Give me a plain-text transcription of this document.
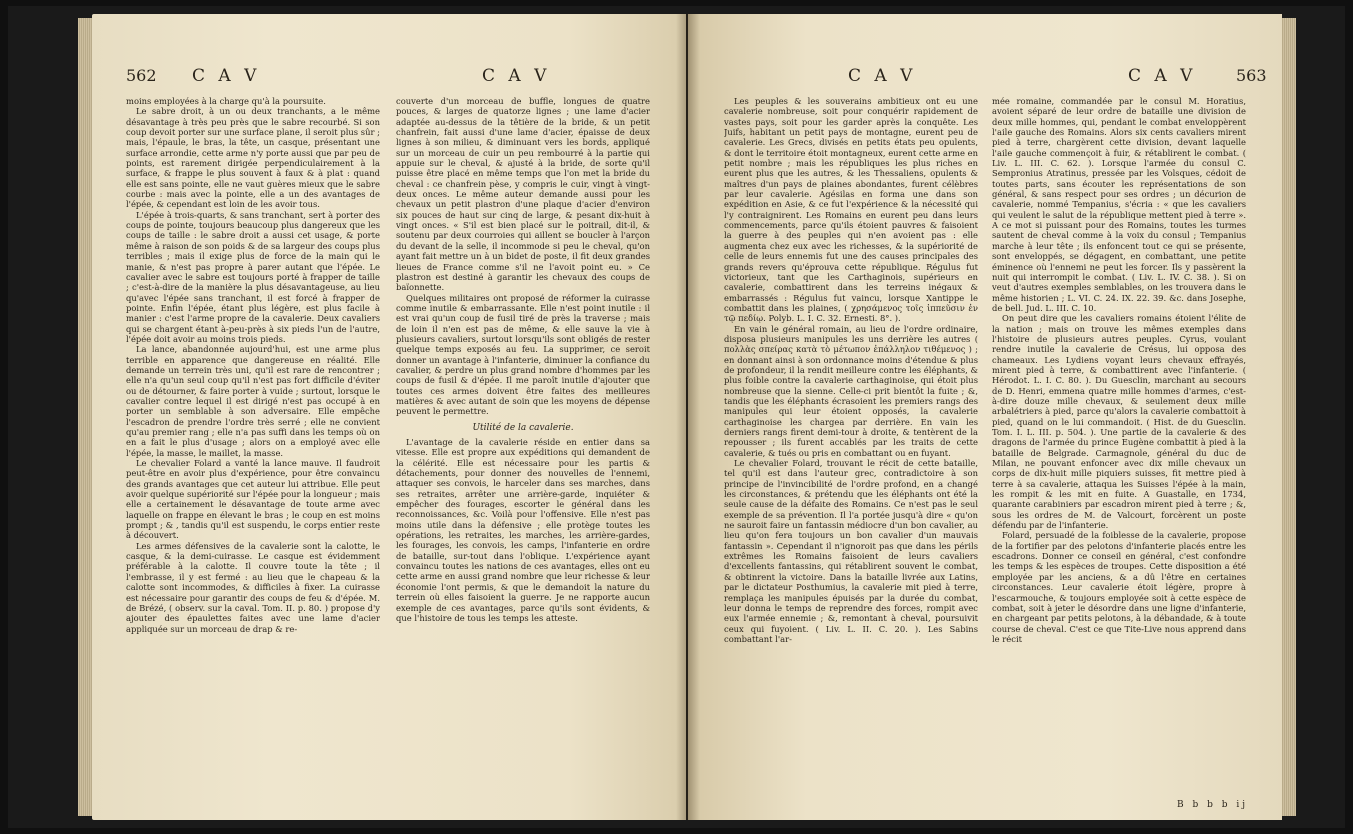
562 C A V	C A V

moins employées à la charge qu'à la poursuite.

Le sabre droit, à un ou deux tranchants, a le même désavantage à très peu près que le sabre recourbé. Si son coup devoit porter sur une surface plane, il seroit plus sûr ; mais, l'épaule, le bras, la tête, un casque, présentant une surface arrondie, cette arme n'y porte aussi que par peu de points, est rarement dirigée perpendiculairement à la surface, & frappe le plus souvent à faux & à plat : quand elle est sans pointe, elle ne vaut guères mieux que le sabre courbe : mais avec la pointe, elle a un des avantages de l'épée, & cependant est loin de les avoir tous.

L'épée à trois-quarts, & sans tranchant, sert à porter des coups de pointe, toujours beaucoup plus dangereux que les coups de taille : le sabre droit a aussi cet usage, & porte même à raison de son poids & de sa largeur des coups plus terribles ; mais il exige plus de force de la main qui le manie, & n'est pas propre à parer autant que l'épée. Le cavalier avec le sabre est toujours porté à frapper de taille ; c'est-à-dire de la manière la plus désavantageuse, au lieu qu'avec l'épée sans tranchant, il est forcé à frapper de pointe. Enfin l'épée, étant plus légère, est plus facile à manier : c'est l'arme propre de la cavalerie. Deux cavaliers qui se chargent étant à-peu-près à six pieds l'un de l'autre, l'épée doit avoir au moins trois pieds.

La lance, abandonnée aujourd'hui, est une arme plus terrible en apparence que dangereuse en réalité. Elle demande un terrein très uni, qu'il est rare de rencontrer ; elle n'a qu'un seul coup qu'il n'est pas fort difficile d'éviter ou de détourner, & faire porter à vuide ; surtout, lorsque le cavalier contre lequel il est dirigé n'est pas occupé à en porter un semblable à son adversaire. Elle empêche l'escadron de prendre l'ordre très serré ; elle ne convient qu'au premier rang ; elle n'a pas suffi dans les temps où on en a fait le plus d'usage ; alors on a employé avec elle l'épée, la masse, le maillet, la masse.

Le chevalier Folard a vanté la lance mauve. Il faudroit peut-être en avoir plus d'expérience, pour être convaincu des grands avantages que cet auteur lui attribue. Elle peut avoir quelque supériorité sur l'épée pour la longueur ; mais elle a certainement le désavantage de toute arme avec laquelle on frappe en élevant le bras ; le coup en est moins prompt ; & , tandis qu'il est suspendu, le corps entier reste à découvert.

Les armes défensives de la cavalerie sont la calotte, le casque, & la demi-cuirasse. Le casque est évidemment préférable à la calotte. Il couvre toute la tête ; il l'embrasse, il y est fermé : au lieu que le chapeau & la calotte sont incommodes, & difficiles à fixer. La cuirasse est nécessaire pour garantir des coups de feu & d'épée. M. de Brézé, ( observ. sur la caval. Tom. II. p. 80. ) propose d'y ajouter des épaulettes faites avec une lame d'acier appliquée sur un morceau de drap & re-

couverte d'un morceau de buffle, longues de quatre pouces, & larges de quatorze lignes ; une lame d'acier adaptée au-dessus de la têtière de la bride, & un petit chanfrein, fait aussi d'une lame d'acier, épaisse de deux lignes à son milieu, & diminuant vers les bords, appliqué sur un morceau de cuir un peu rembourré à la partie qui appuie sur le cheval, & ajusté à la bride, de sorte qu'il puisse être placé en même temps que l'on met la bride du cheval : ce chanfrein pèse, y compris le cuir, vingt à vingt-deux onces. Le même auteur demande aussi pour les chevaux un petit plastron d'une plaque d'acier d'environ six pouces de haut sur cinq de large, & pesant dix-huit à vingt onces. « S'il est bien placé sur le poitrail, dit-il, & soutenu par deux courroies qui aillent se boucler à l'arçon du devant de la selle, il incommode si peu le cheval, qu'on ayant fait mettre un à un bidet de poste, il fit deux grandes lieues de France comme s'il ne l'avoit point eu. » Ce plastron est destiné à garantir les chevaux des coups de baïonnette.

Quelques militaires ont proposé de réformer la cuirasse comme inutile & embarrassante. Elle n'est point inutile : il est vrai qu'un coup de fusil tiré de près la traverse ; mais de loin il n'en est pas de même, & elle sauve la vie à plusieurs cavaliers, surtout lorsqu'ils sont obligés de rester quelque temps exposés au feu. La supprimer, ce seroit donner un avantage à l'infanterie, diminuer la confiance du cavalier, & perdre un plus grand nombre d'hommes par les coups de fusil & d'épée. Il me paroît inutile d'ajouter que toutes ces armes doivent être faites des meilleures matières & avec autant de soin que les moyens de dépense peuvent le permettre.

Utilité de la cavalerie.

L'avantage de la cavalerie réside en entier dans sa vitesse. Elle est propre aux expéditions qui demandent de la célérité. Elle est nécessaire pour les partis & détachements, pour donner des nouvelles de l'ennemi, attaquer ses convois, le harceler dans ses marches, dans ses retraites, arrêter une arrière-garde, inquiéter & empêcher des fourages, escorter le général dans les reconnoissances, &c. Voilà pour l'offensive. Elle n'est pas moins utile dans la défensive ; elle protège toutes les opérations, les retraites, les marches, les arrière-gardes, les fourages, les convois, les camps, l'infanterie en ordre de bataille, sur-tout dans l'oblique. L'expérience ayant convaincu toutes les nations de ces avantages, elles ont eu cette arme en aussi grand nombre que leur richesse & leur économie l'ont permis, & que le demandoit la nature du terrein où elles faisoient la guerre. Je ne rapporte aucun exemple de ces avantages, parce qu'ils sont évidents, & que l'histoire de tous les temps les atteste.

C A V	C A V 563

Les peuples & les souverains ambitieux ont eu une cavalerie nombreuse, soit pour conquérir rapidement de vastes pays, soit pour les garder après la conquête. Les Juifs, habitant un petit pays de montagne, eurent peu de cavalerie. Les Grecs, divisés en petits états peu opulents, & dont le territoire étoit montagneux, eurent cette arme en petit nombre ; mais les républiques les plus riches en eurent plus que les autres, & les Thessaliens, opulents & maîtres d'un pays de plaines abondantes, furent célèbres par leur cavalerie. Agésilas en forma une dans son expédition en Asie, & ce fut l'expérience & la nécessité qui l'y contraignirent. Les Romains en eurent peu dans leurs commencements, parce qu'ils étoient pauvres & faisoient la guerre à des peuples qui n'en avoient pas : elle augmenta chez eux avec les richesses, & la supériorité de celle de leurs ennemis fut une des causes principales des grands revers qu'éprouva cette république. Régulus fut victorieux, tant que les Carthaginois, supérieurs en cavalerie, combattirent dans les terreins inégaux & embarrassés : Régulus fut vaincu, lorsque Xantippe le combattit dans les plaines, ( χρησάμενος τοῖς ἱππεῦσιν ἐν τῷ πεδίῳ. Polyb. L. I. C. 32. Ernesti. 8°. ).

En vain le général romain, au lieu de l'ordre ordinaire, disposa plusieurs manipules les uns derrière les autres ( πολλὰς σπείρας κατὰ τὸ μέτωπον ἐπάλληλον τιθέμενος ) ; en donnant ainsi à son ordonnance moins d'étendue & plus de profondeur, il la rendit meilleure contre les éléphants, & plus foible contre la cavalerie carthaginoise, qui étoit plus nombreuse que la sienne. Celle-ci prit bientôt la fuite ; &, tandis que les éléphants écrasoient les premiers rangs des manipules qui leur étoient opposés, la cavalerie carthaginoise les chargea par derrière. En vain les derniers rangs firent demi-tour à droite, & tentèrent de la repousser ; ils furent accablés par les traits de cette cavalerie, & tués ou pris en combattant ou en fuyant.

Le chevalier Folard, trouvant le récit de cette bataille, tel qu'il est dans l'auteur grec, contradictoire à son principe de l'invincibilité de l'ordre profond, en a changé les circonstances, & prétendu que les éléphants ont été la seule cause de la défaite des Romains. Ce n'est pas le seul exemple de sa prévention. Il l'a portée jusqu'à dire « qu'on ne sauroit faire un fantassin médiocre d'un bon cavalier, au lieu qu'on fera toujours un bon cavalier d'un mauvais fantassin ». Cependant il n'ignoroit pas que dans les périls extrêmes les Romains faisoient de leurs cavaliers d'excellents fantassins, qui rétablirent souvent le combat, & obtinrent la victoire. Dans la bataille livrée aux Latins, par le dictateur Posthumius, la cavalerie mit pied à terre, remplaça les manipules épuisés par la durée du combat, leur donna le temps de reprendre des forces, rompit avec eux l'armée ennemie ; &, remontant à cheval, poursuivit ceux qui fuyoient. ( Liv. L. II. C. 20. ). Les Sabins combattant l'ar-

mée romaine, commandée par le consul M. Horatius, avoient séparé de leur ordre de bataille une division de deux mille hommes, qui, pendant le combat enveloppèrent l'aile gauche des Romains. Alors six cents cavaliers mirent pied à terre, chargèrent cette division, devant laquelle l'aile gauche commençoit à fuir, & rétablirent le combat. ( Liv. L. III. C. 62. ). Lorsque l'armée du consul C. Sempronius Atratinus, pressée par les Volsques, cédoit de toutes parts, sans écouter les représentations de son général, & sans respect pour ses ordres ; un décurion de cavalerie, nommé Tempanius, s'écria : « que les cavaliers qui veulent le salut de la république mettent pied à terre ». A ce mot si puissant pour des Romains, toutes les turmes sautent de cheval comme à la voix du consul ; Tempanius marche à leur tête ; ils enfoncent tout ce qui se présente, sont enveloppés, se dégagent, en combattant, une petite éminence où l'ennemi ne peut les forcer. Ils y passèrent la nuit qui interrompit le combat. ( Liv. L. IV. C. 38. ). Si on veut d'autres exemples semblables, on les trouvera dans le même historien ; L. VI. C. 24. IX. 22. 39. &c. dans Josephe, de bell. Jud. L. III. C. 10.

On peut dire que les cavaliers romains étoient l'élite de la nation ; mais on trouve les mêmes exemples dans l'histoire de plusieurs autres peuples. Cyrus, voulant rendre inutile la cavalerie de Crésus, lui opposa des chameaux. Les Lydiens voyant leurs chevaux effrayés, mirent pied à terre, & combattirent avec l'infanterie. ( Hérodot. L. I. C. 80. ). Du Guesclin, marchant au secours de D. Henri, emmena quatre mille hommes d'armes, c'est-à-dire douze mille chevaux, & seulement deux mille arbalétriers à pied, parce qu'alors la cavalerie combattoit à pied, quand on le lui commandoit. ( Hist. de du Guesclin. Tom. I. L. III. p. 504. ). Une partie de la cavalerie & des dragons de l'armée du prince Eugène combattit à pied à la bataille de Belgrade. Carmagnole, général du duc de Milan, ne pouvant enfoncer avec dix mille chevaux un corps de dix-huit mille piquiers suisses, fit mettre pied à terre à sa cavalerie, attaqua les Suisses l'épée à la main, les rompit & les mit en fuite. A Guastalle, en 1734, quarante carabiniers par escadron mirent pied à terre ; &, sous les ordres de M. de Valcourt, forcèrent un poste défendu par de l'infanterie.

Folard, persuadé de la foiblesse de la cavalerie, propose de la fortifier par des pelotons d'infanterie placés entre les escadrons. Donner ce conseil en général, c'est confondre les temps & les espèces de troupes. Cette disposition a été employée par les anciens, & a dû l'être en certaines circonstances. Leur cavalerie étoit légère, propre à l'escarmouche, & toujours employée soit à cette espèce de combat, soit à jeter le désordre dans une ligne d'infanterie, en chargeant par petits pelotons, à la débandade, & à toute course de cheval. C'est ce que Tite-Live nous apprend dans le récit

B b b b ij
